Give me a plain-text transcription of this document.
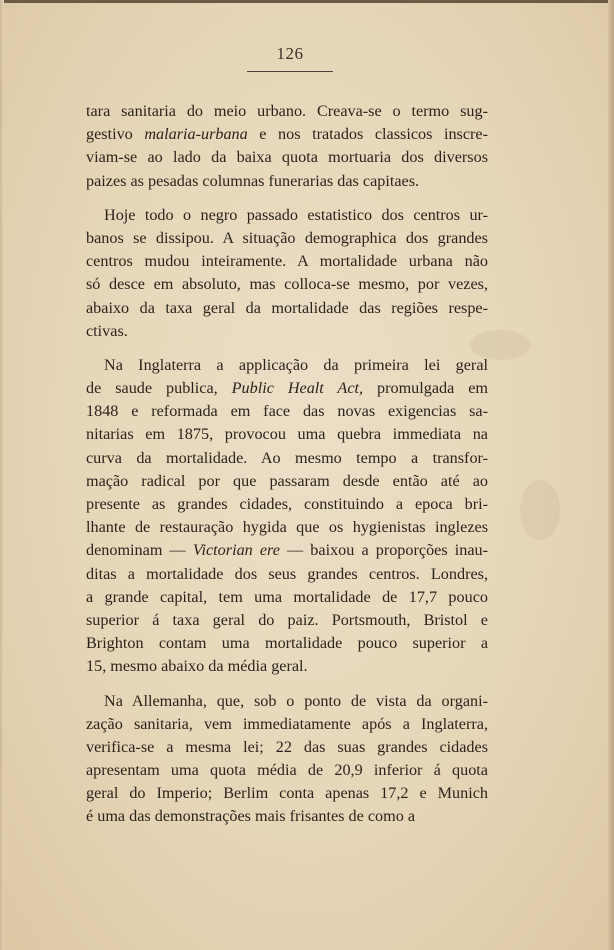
126
tara sanitaria do meio urbano. Creava-se o termo sug-
gestivo malaria-urbana e nos tratados classicos inscre-
viam-se ao lado da baixa quota mortuaria dos diversos
paizes as pesadas columnas funerarias das capitaes.
Hoje todo o negro passado estatistico dos centros ur-
banos se dissipou. A situação demographica dos grandes
centros mudou inteiramente. A mortalidade urbana não
só desce em absoluto, mas colloca-se mesmo, por vezes,
abaixo da taxa geral da mortalidade das regiões respe-
ctivas.
Na Inglaterra a applicação da primeira lei geral
de saude publica, Public Healt Act, promulgada em
1848 e reformada em face das novas exigencias sa-
nitarias em 1875, provocou uma quebra immediata na
curva da mortalidade. Ao mesmo tempo a transfor-
mação radical por que passaram desde então até ao
presente as grandes cidades, constituindo a epoca bri-
lhante de restauração hygida que os hygienistas inglezes
denominam — Victorian ere — baixou a proporções inau-
ditas a mortalidade dos seus grandes centros. Londres,
a grande capital, tem uma mortalidade de 17,7 pouco
superior á taxa geral do paiz. Portsmouth, Bristol e
Brighton contam uma mortalidade pouco superior a
15, mesmo abaixo da média geral.
Na Allemanha, que, sob o ponto de vista da organi-
zação sanitaria, vem immediatamente após a Inglaterra,
verifica-se a mesma lei; 22 das suas grandes cidades
apresentam uma quota média de 20,9 inferior á quota
geral do Imperio; Berlim conta apenas 17,2 e Munich
é uma das demonstrações mais frisantes de como a
